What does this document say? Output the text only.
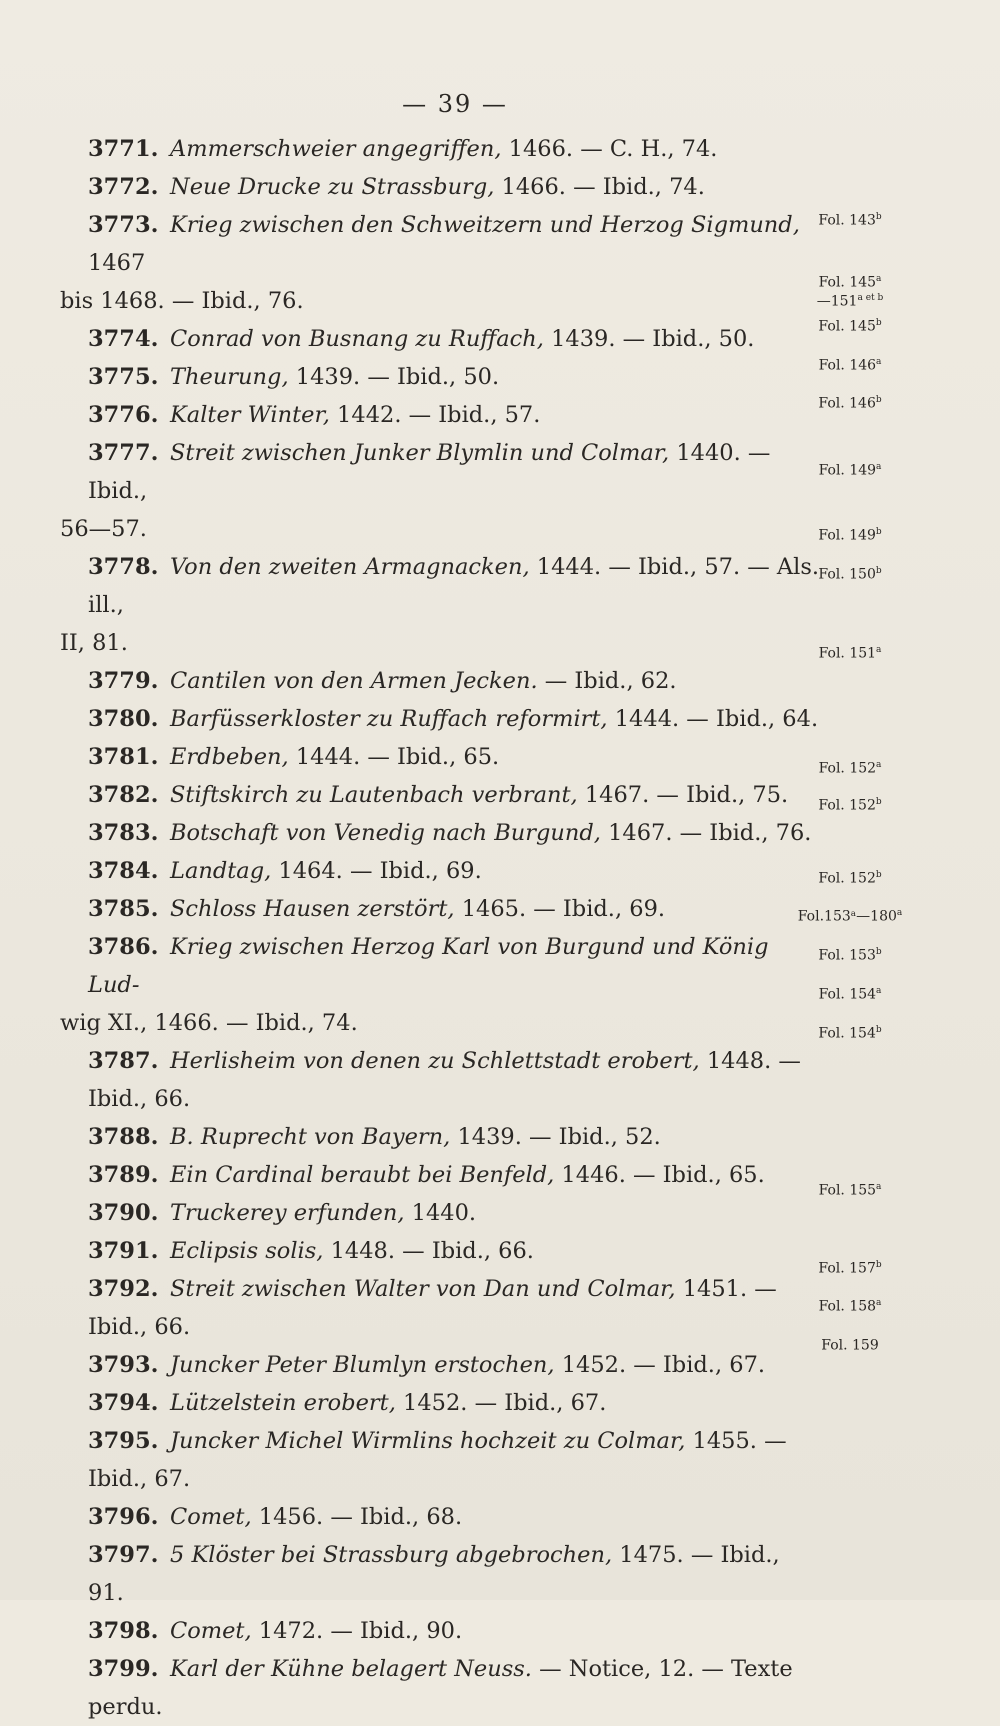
— 39 —
3771. Ammerschweier angegriffen, 1466. — C. H., 74.
3772. Neue Drucke zu Strassburg, 1466. — Ibid., 74.
3773. Krieg zwischen den Schweitzern und Herzog Sigmund, 1467
bis 1468. — Ibid., 76.
3774. Conrad von Busnang zu Ruffach, 1439. — Ibid., 50.
3775. Theurung, 1439. — Ibid., 50.
3776. Kalter Winter, 1442. — Ibid., 57.
3777. Streit zwischen Junker Blymlin und Colmar, 1440. — Ibid.,
56—57.
3778. Von den zweiten Armagnacken, 1444. — Ibid., 57. — Als. ill.,
II, 81.
3779. Cantilen von den Armen Jecken. — Ibid., 62.
3780. Barfüsserkloster zu Ruffach reformirt, 1444. — Ibid., 64.
3781. Erdbeben, 1444. — Ibid., 65.
3782. Stiftskirch zu Lautenbach verbrant, 1467. — Ibid., 75.
3783. Botschaft von Venedig nach Burgund, 1467. — Ibid., 76.
3784. Landtag, 1464. — Ibid., 69.
3785. Schloss Hausen zerstört, 1465. — Ibid., 69.
3786. Krieg zwischen Herzog Karl von Burgund und König Lud-
wig XI., 1466. — Ibid., 74.
3787. Herlisheim von denen zu Schlettstadt erobert, 1448. — Ibid., 66.
3788. B. Ruprecht von Bayern, 1439. — Ibid., 52.
3789. Ein Cardinal beraubt bei Benfeld, 1446. — Ibid., 65.
3790. Truckerey erfunden, 1440.
3791. Eclipsis solis, 1448. — Ibid., 66.
3792. Streit zwischen Walter von Dan und Colmar, 1451. — Ibid., 66.
3793. Juncker Peter Blumlyn erstochen, 1452. — Ibid., 67.
3794. Lützelstein erobert, 1452. — Ibid., 67.
3795. Juncker Michel Wirmlins hochzeit zu Colmar, 1455. — Ibid., 67.
3796. Comet, 1456. — Ibid., 68.
3797. 5 Klöster bei Strassburg abgebrochen, 1475. — Ibid., 91.
3798. Comet, 1472. — Ibid., 90.
3799. Karl der Kühne belagert Neuss. — Notice, 12. — Texte perdu.
Fol. 143$^b$
Fol. 145$^a$
$—151^{a et b}$
Fol. 145$^b$
Fol. 146$^a$
Fol. 146$^b$
Fol. 149$^a$
Fol. 149$^b$
Fol. 150$^b$
Fol. 151$^a$
Fol. 152$^a$
Fol. 152$^b$
Fol. 152$^b$
Fol.153ᵃ—180$^a$
Fol. 153$^b$
Fol. 154$^a$
Fol. 154$^b$
Fol. 155$^a$
Fol. 157$^b$
Fol. 158$^a$
Fol. 159
